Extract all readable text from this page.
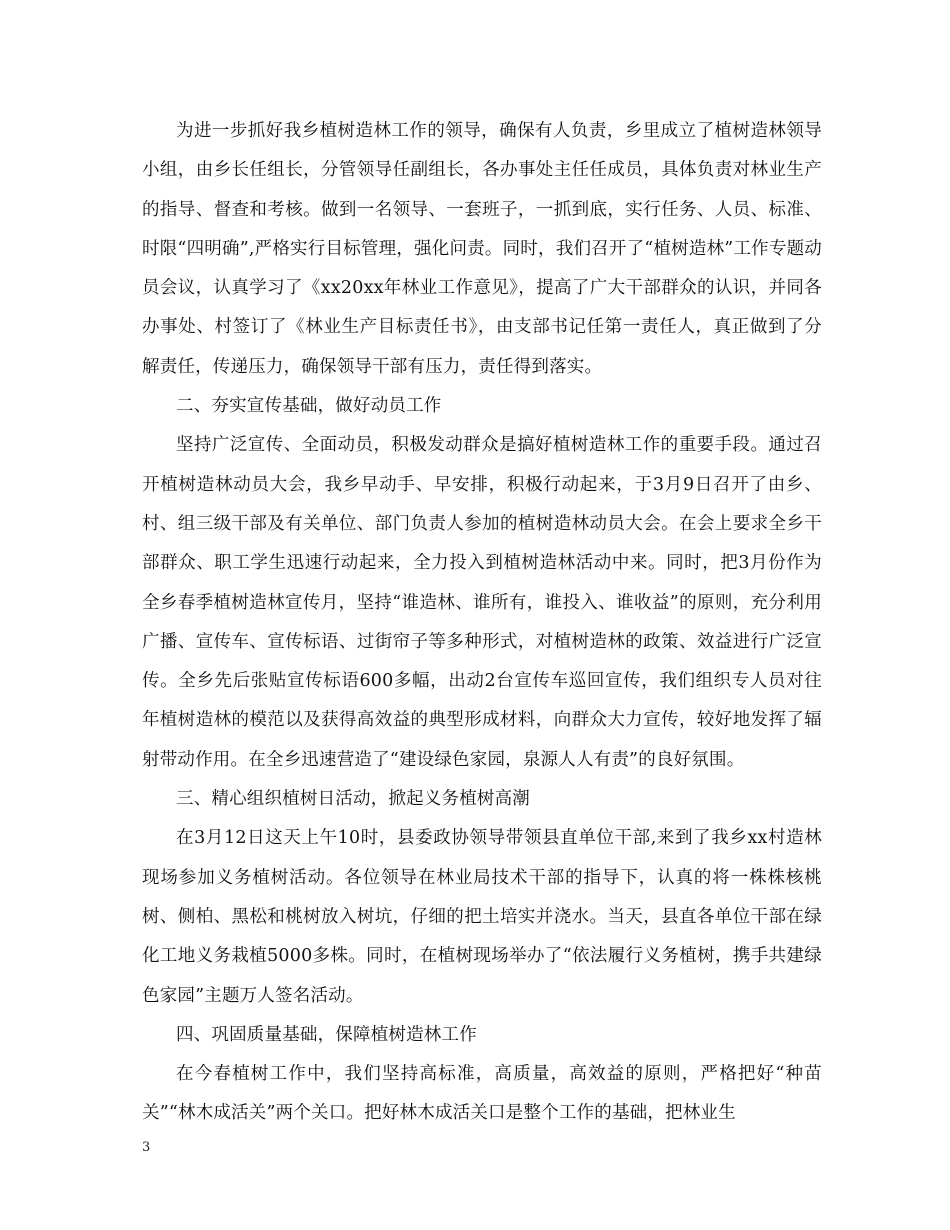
为进一步抓好我乡植树造林工作的领导，确保有人负责，乡里成立了植树造林领导小组，由乡长任组长，分管领导任副组长，各办事处主任任成员，具体负责对林业生产的指导、督查和考核。做到一名领导、一套班子，一抓到底，实行任务、人员、标准、时限“四明确”,严格实行目标管理，强化问责。同时，我们召开了“植树造林”工作专题动员会议，认真学习了《xx20xx年林业工作意见》，提高了广大干部群众的认识，并同各办事处、村签订了《林业生产目标责任书》，由支部书记任第一责任人，真正做到了分解责任，传递压力，确保领导干部有压力，责任得到落实。

二、夯实宣传基础，做好动员工作

坚持广泛宣传、全面动员，积极发动群众是搞好植树造林工作的重要手段。通过召开植树造林动员大会，我乡早动手、早安排，积极行动起来，于3月9日召开了由乡、村、组三级干部及有关单位、部门负责人参加的植树造林动员大会。在会上要求全乡干部群众、职工学生迅速行动起来，全力投入到植树造林活动中来。同时，把3月份作为全乡春季植树造林宣传月，坚持“谁造林、谁所有，谁投入、谁收益”的原则，充分利用广播、宣传车、宣传标语、过街帘子等多种形式，对植树造林的政策、效益进行广泛宣传。全乡先后张贴宣传标语600多幅，出动2台宣传车巡回宣传，我们组织专人员对往年植树造林的模范以及获得高效益的典型形成材料，向群众大力宣传，较好地发挥了辐射带动作用。在全乡迅速营造了“建设绿色家园，泉源人人有责”的良好氛围。

三、精心组织植树日活动，掀起义务植树高潮

在3月12日这天上午10时，县委政协领导带领县直单位干部,来到了我乡xx村造林现场参加义务植树活动。各位领导在林业局技术干部的指导下，认真的将一株株核桃树、侧柏、黑松和桃树放入树坑，仔细的把土培实并浇水。当天，县直各单位干部在绿化工地义务栽植5000多株。同时，在植树现场举办了“依法履行义务植树，携手共建绿色家园”主题万人签名活动。

四、巩固质量基础，保障植树造林工作

在今春植树工作中，我们坚持高标准，高质量，高效益的原则，严格把好“种苗关”“林木成活关”两个关口。把好林木成活关口是整个工作的基础，把林业生

3
